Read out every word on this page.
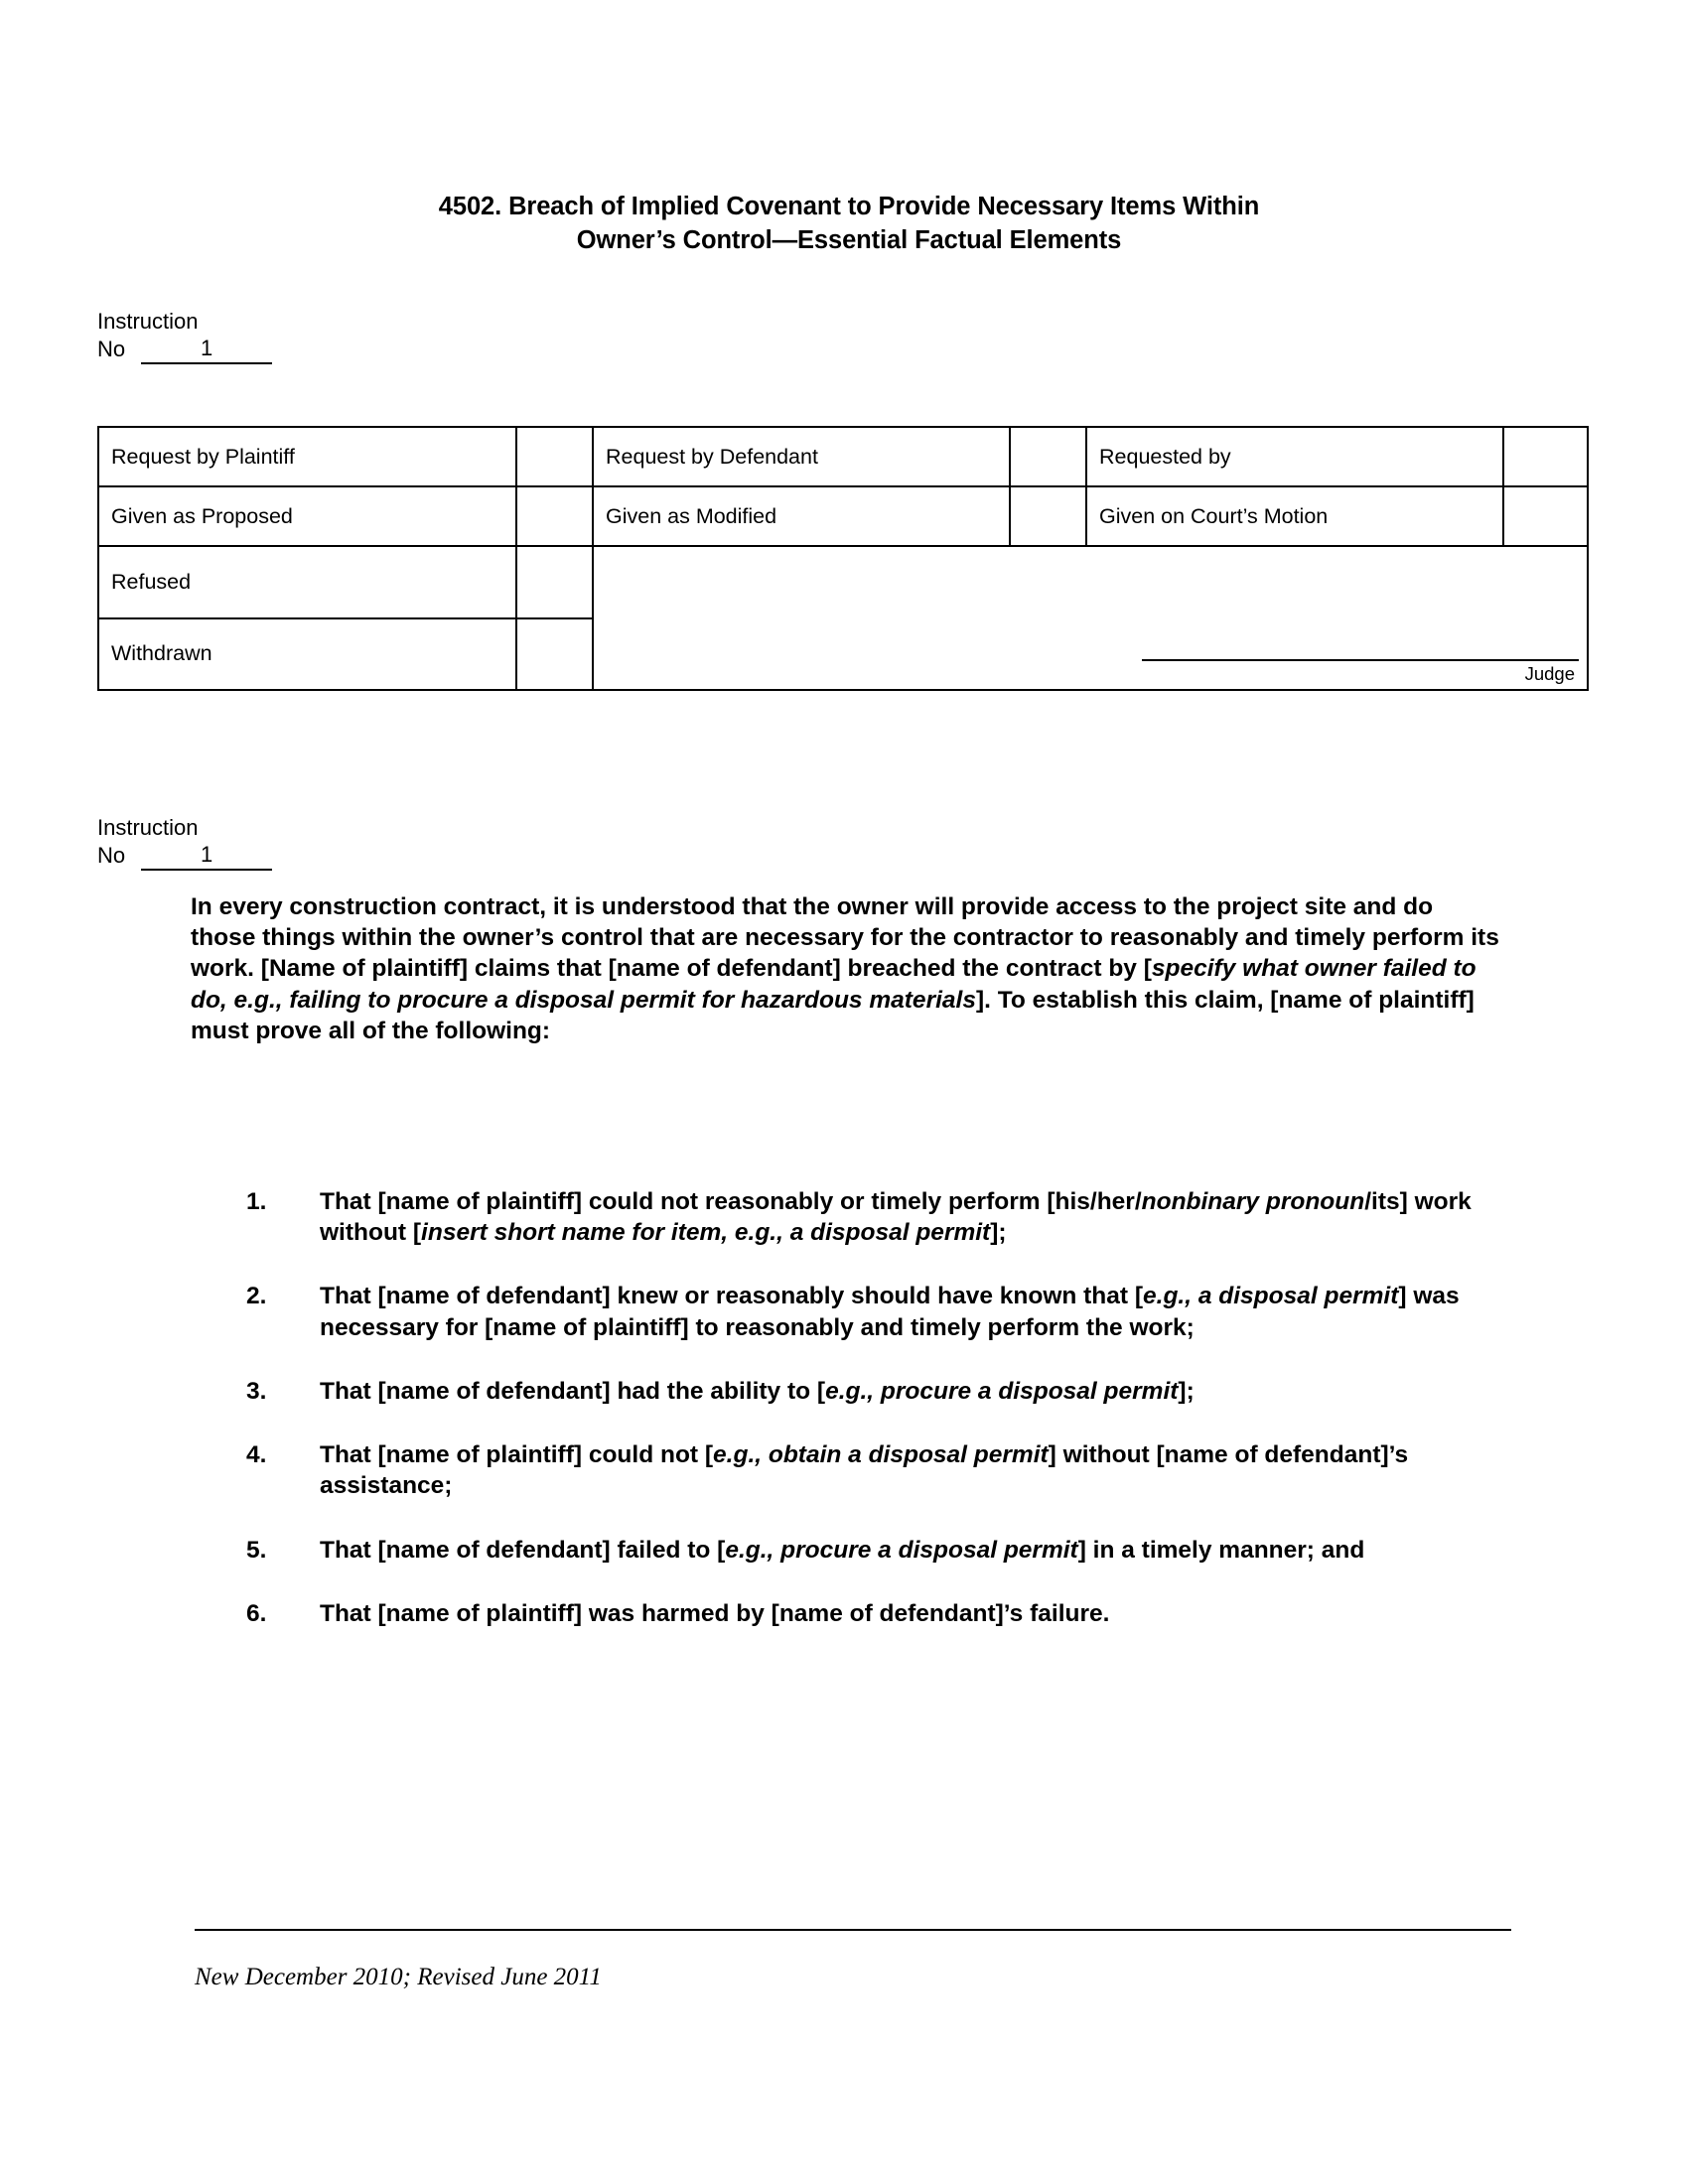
4502. Breach of Implied Covenant to Provide Necessary Items Within
Owner’s Control—Essential Factual Elements
Instruction
No	1
Request by Plaintiff		Request by Defendant		Requested by	
Given as Proposed		Given as Modified		Given on Court’s Motion	
Refused		Judge			

Withdrawn					
Instruction
No	1
In every construction contract, it is understood that the owner will provide access to the project site and do those things within the owner’s control that are necessary for the contractor to reasonably and timely perform its work. [Name of plaintiff] claims that [name of defendant] breached the contract by [specify what owner failed to do, e.g., failing to procure a disposal permit for hazardous materials]. To establish this claim, [name of plaintiff] must prove all of the following:
1.	That [name of plaintiff] could not reasonably or timely perform [his/her/nonbinary pronoun/its] work without [insert short name for item, e.g., a disposal permit];
2.	That [name of defendant] knew or reasonably should have known that [e.g., a disposal permit] was necessary for [name of plaintiff] to reasonably and timely perform the work;
3.	That [name of defendant] had the ability to [e.g., procure a disposal permit];
4.	That [name of plaintiff] could not [e.g., obtain a disposal permit] without [name of defendant]’s assistance;
5.	That [name of defendant] failed to [e.g., procure a disposal permit] in a timely manner; and
6.	That [name of plaintiff] was harmed by [name of defendant]’s failure.
New December 2010; Revised June 2011
